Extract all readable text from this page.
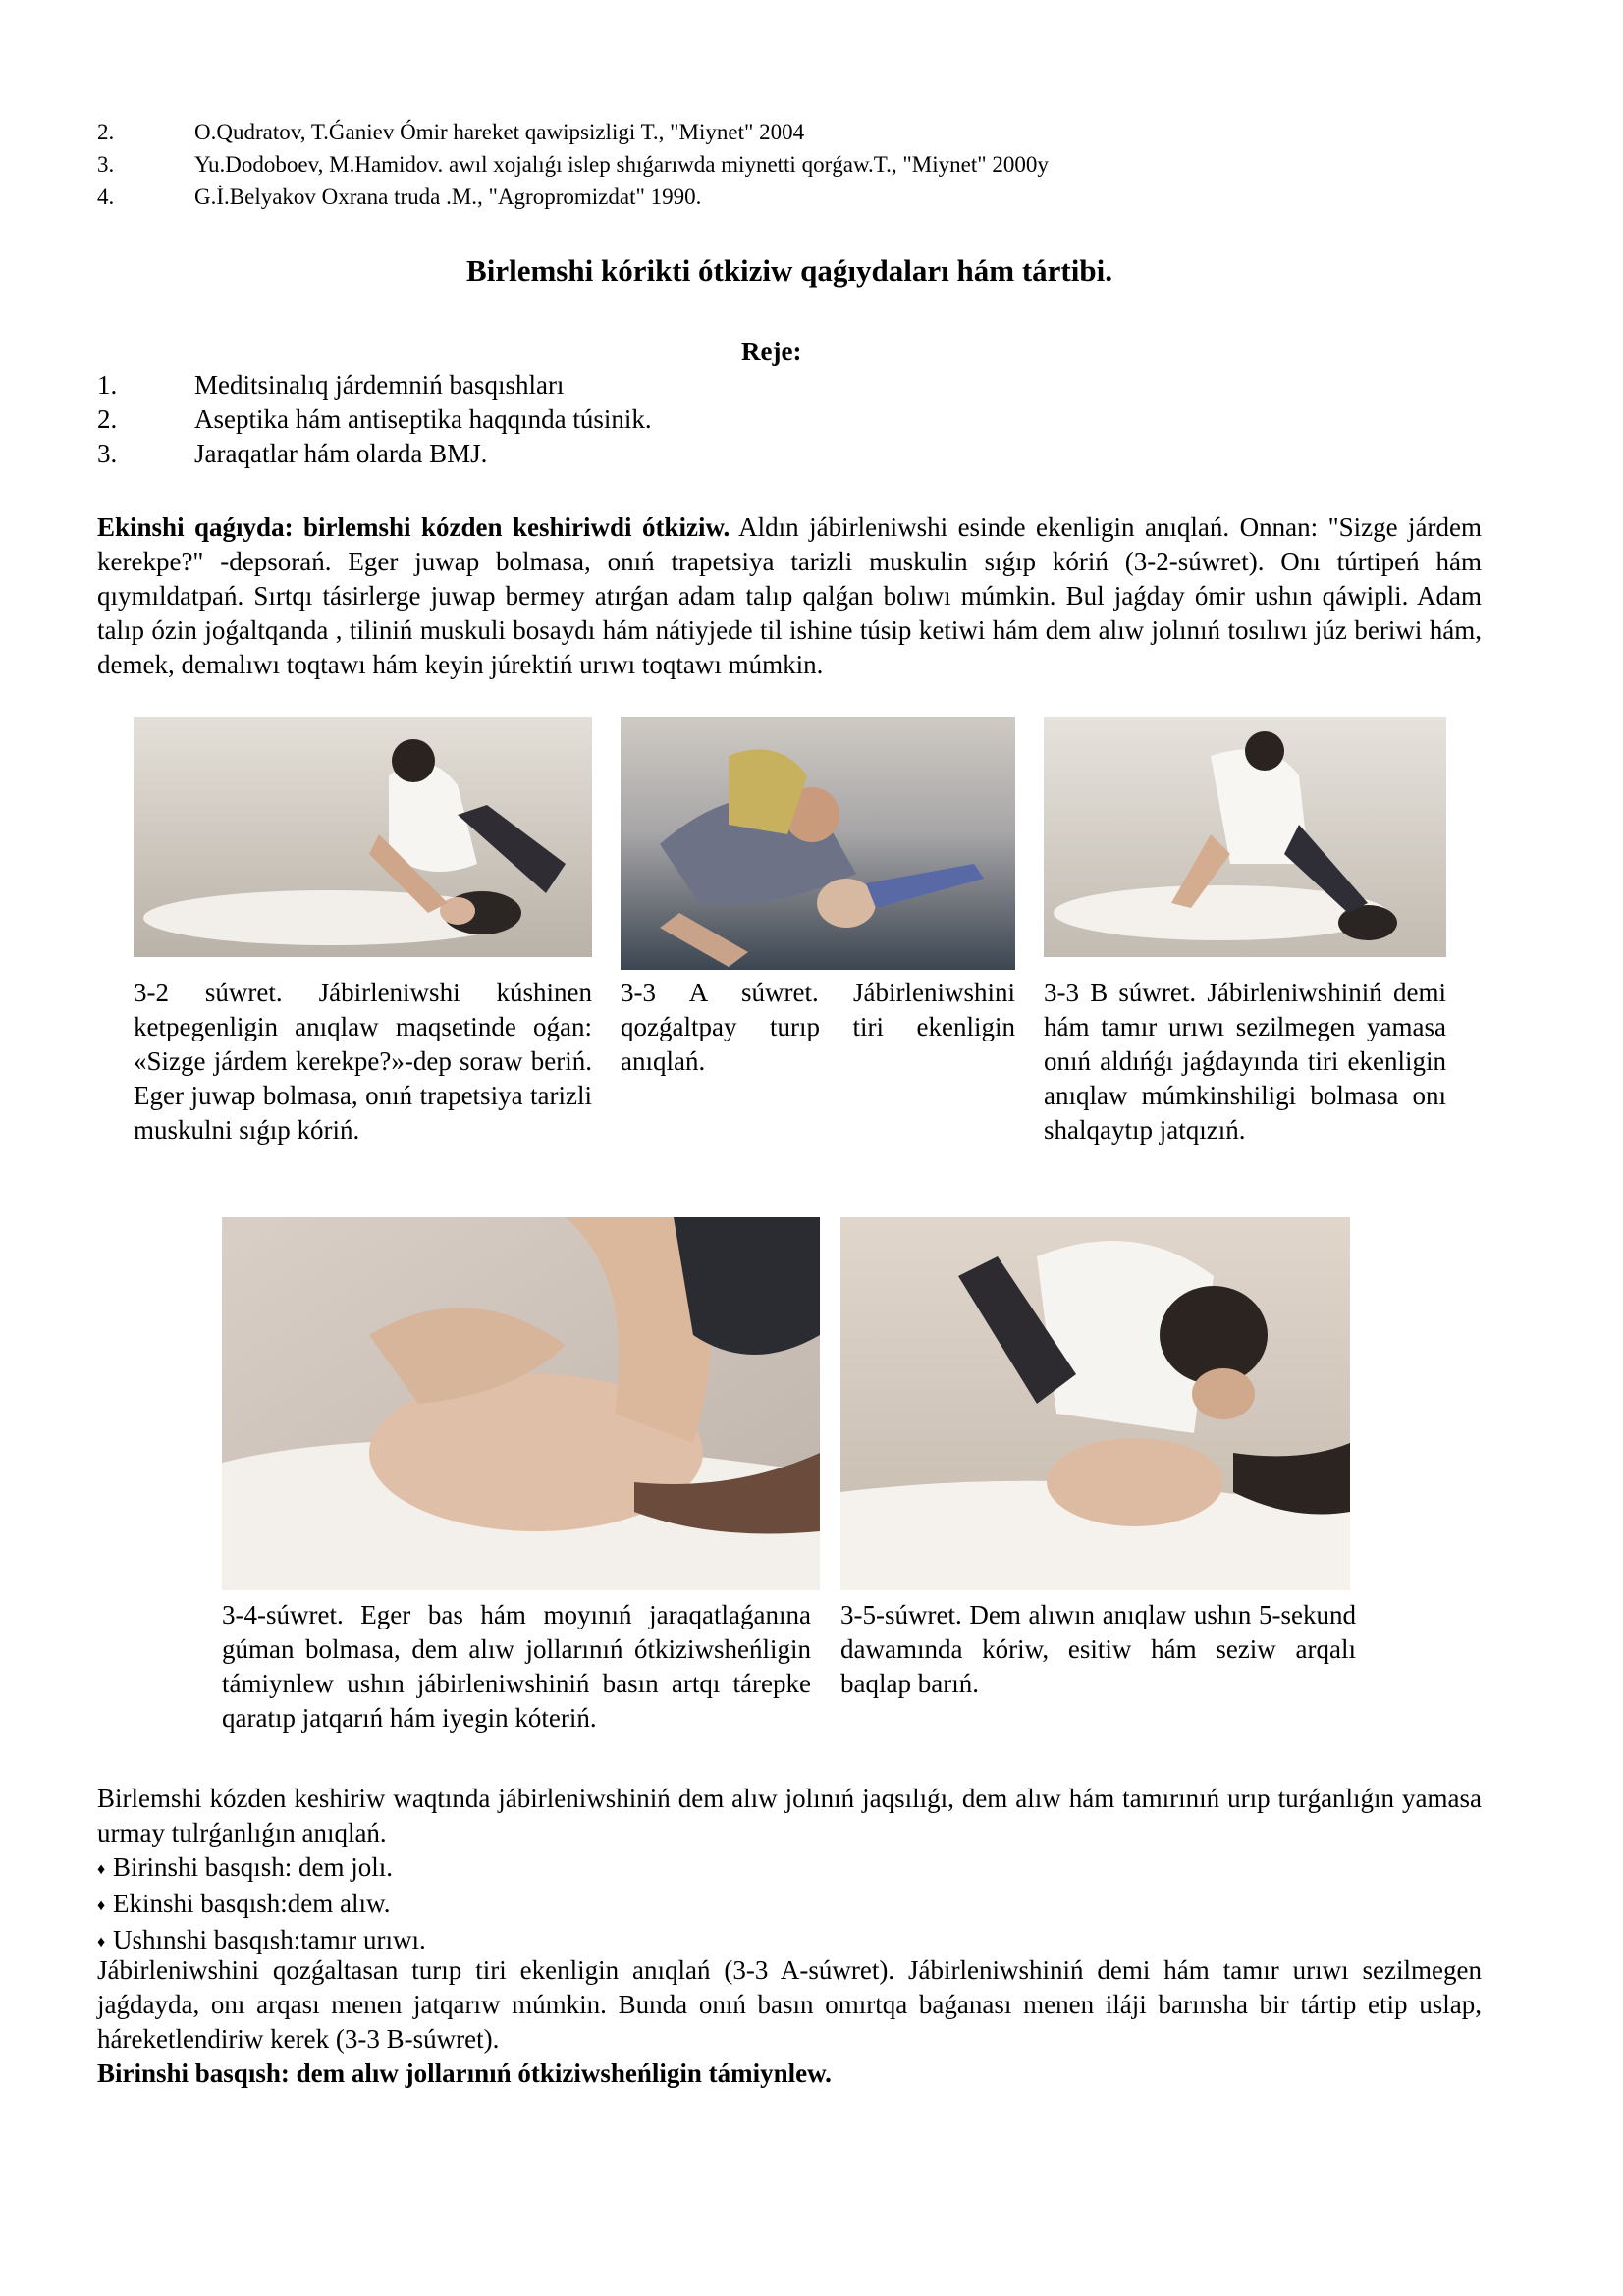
2.	O.Qudratov, T.Ǵaniev Ómir hareket qawipsizligi T., "Miynet" 2004
3.	Yu.Dodoboev, M.Hamidov. awıl xojalıǵı islep shıǵarıwda miynetti qorǵaw.T., "Miynet" 2000y
4.	G.İ.Belyakov Oxrana truda .M., "Agropromizdat" 1990.
Birlemshi kórikti ótkiziw qaǵıydaları hám tártibi.
Reje:
1.	Meditsinalıq járdemniń basqıshları
2.	Aseptika hám antiseptika haqqında túsinik.
3.	Jaraqatlar hám olarda BMJ.
Ekinshi qaǵıyda: birlemshi kózden keshiriwdi ótkiziw. Aldın jábirleniwshi esinde ekenligin anıqlań. Onnan: "Sizge járdem kerekpe?" -depsorań. Eger juwap bolmasa, onıń trapetsiya tarizli muskulin sıǵıp kóriń (3-2-súwret). Onı túrtipeń hám qıymıldatpań. Sırtqı tásirlerge juwap bermey atırǵan adam talıp qalǵan bolıwı múmkin. Bul jaǵday ómir ushın qáwipli. Adam talıp ózin joǵaltqanda , tiliniń muskuli bosaydı hám nátiyjede til ishine túsip ketiwi hám dem alıw jolınıń tosılıwı júz beriwi hám, demek, demalıwı toqtawı hám keyin júrektiń urıwı toqtawı múmkin.
3-2 súwret. Jábirleniwshi kúshinen ketpegenligin anıqlaw maqsetinde oǵan: «Sizge járdem kerekpe?»-dep soraw beriń. Eger juwap bolmasa, onıń trapetsiya tarizli muskulni sıǵıp kóriń.
3-3 A súwret. Jábirleniwshini qozǵaltpay turıp tiri ekenligin anıqlań.
3-3 B súwret. Jábirleniwshiniń demi hám tamır urıwı sezilmegen yamasa onıń aldıńǵı jaǵdayında tiri ekenligin anıqlaw múmkinshiligi bolmasa onı shalqaytıp jatqızıń.
3-4-súwret. Eger bas hám moyınıń jaraqatlaǵanına gúman bolmasa, dem alıw jollarınıń ótkiziwsheńligin támiynlew ushın jábirleniwshiniń basın artqı tárepke qaratıp jatqarıń hám iyegin kóteriń.
3-5-súwret. Dem alıwın anıqlaw ushın 5-sekund dawamında kóriw, esitiw hám seziw arqalı baqlap barıń.
Birlemshi kózden keshiriw waqtında jábirleniwshiniń dem alıw jolınıń jaqsılıǵı, dem alıw hám tamırınıń urıp turǵanlıǵın yamasa urmay tulrǵanlıǵın anıqlań.
♦ Birinshi basqısh: dem jolı.
♦ Ekinshi basqısh:dem alıw.
♦ Ushınshi basqısh:tamır urıwı.
Jábirleniwshini qozǵaltasan turıp tiri ekenligin anıqlań (3-3 A-súwret). Jábirleniwshiniń demi hám tamır urıwı sezilmegen jaǵdayda, onı arqası menen jatqarıw múmkin. Bunda onıń basın omırtqa baǵanası menen iláji barınsha bir tártip etip uslap, háreketlendiriw kerek (3-3 B-súwret).
Birinshi basqısh: dem alıw jollarınıń ótkiziwsheńligin támiynlew.
